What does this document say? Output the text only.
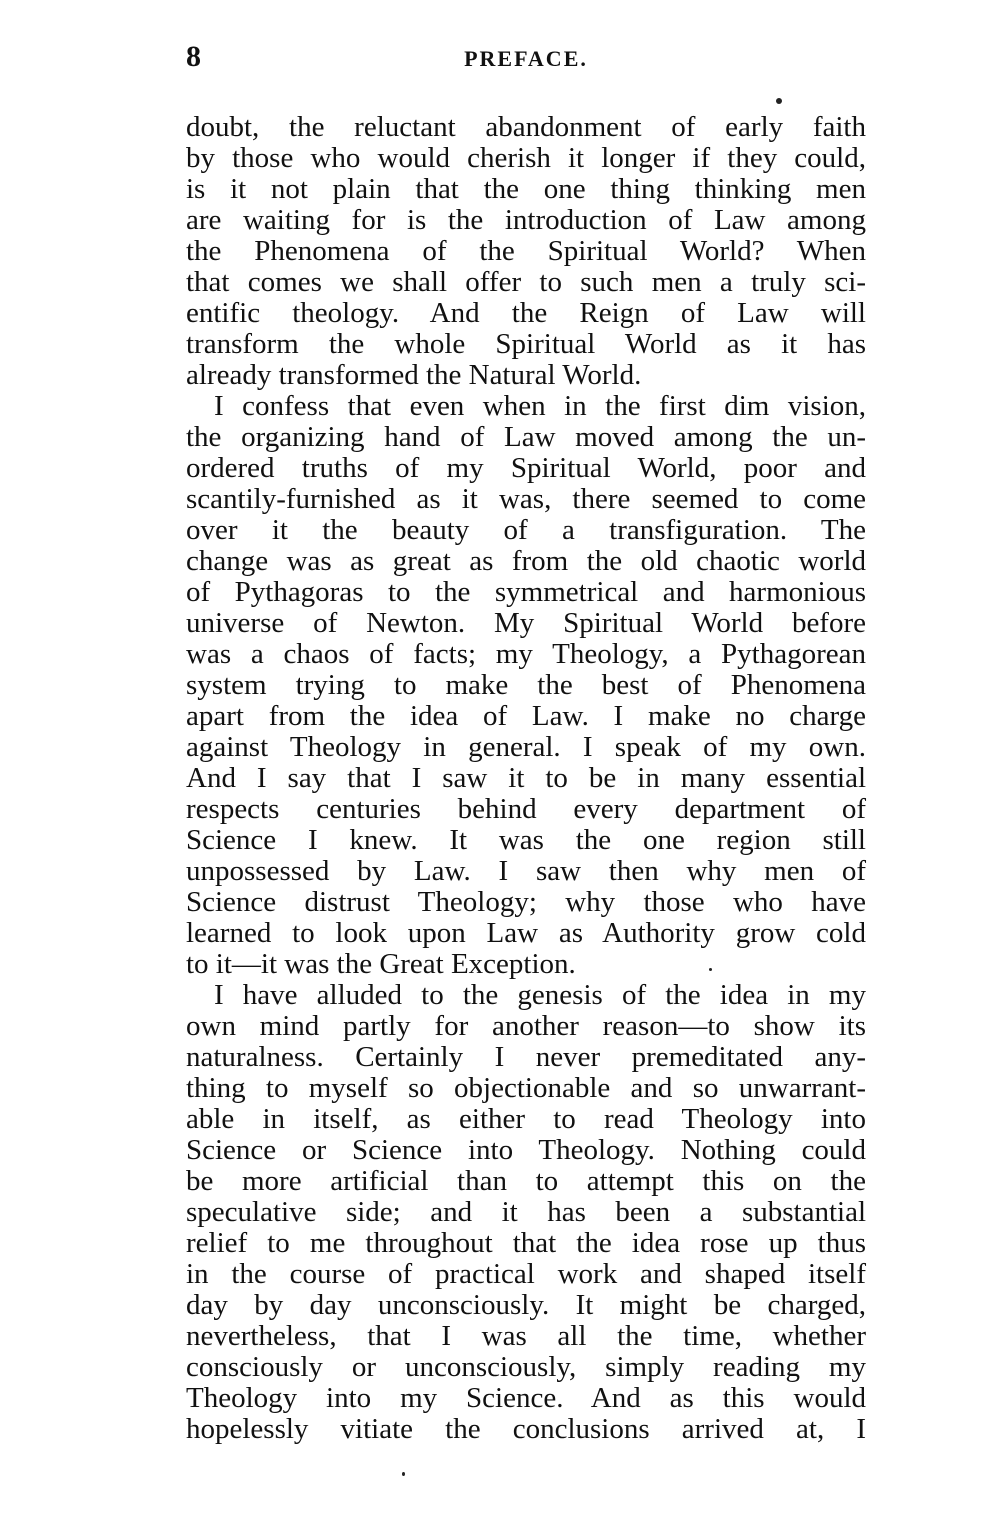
8	PREFACE.
doubt, the reluctant abandonment of early faith
by those who would cherish it longer if they could,
is it not plain that the one thing thinking men
are waiting for is the introduction of Law among
the Phenomena of the Spiritual World? When
that comes we shall offer to such men a truly sci-
entific theology. And the Reign of Law will
transform the whole Spiritual World as it has
already transformed the Natural World.
I confess that even when in the first dim vision,
the organizing hand of Law moved among the un-
ordered truths of my Spiritual World, poor and
scantily-furnished as it was, there seemed to come
over it the beauty of a transfiguration. The
change was as great as from the old chaotic world
of Pythagoras to the symmetrical and harmonious
universe of Newton. My Spiritual World before
was a chaos of facts; my Theology, a Pythagorean
system trying to make the best of Phenomena
apart from the idea of Law. I make no charge
against Theology in general. I speak of my own.
And I say that I saw it to be in many essential
respects centuries behind every department of
Science I knew. It was the one region still
unpossessed by Law. I saw then why men of
Science distrust Theology; why those who have
learned to look upon Law as Authority grow cold
to it—it was the Great Exception.
I have alluded to the genesis of the idea in my
own mind partly for another reason—to show its
naturalness. Certainly I never premeditated any-
thing to myself so objectionable and so unwarrant-
able in itself, as either to read Theology into
Science or Science into Theology. Nothing could
be more artificial than to attempt this on the
speculative side; and it has been a substantial
relief to me throughout that the idea rose up thus
in the course of practical work and shaped itself
day by day unconsciously. It might be charged,
nevertheless, that I was all the time, whether
consciously or unconsciously, simply reading my
Theology into my Science. And as this would
hopelessly vitiate the conclusions arrived at, I
